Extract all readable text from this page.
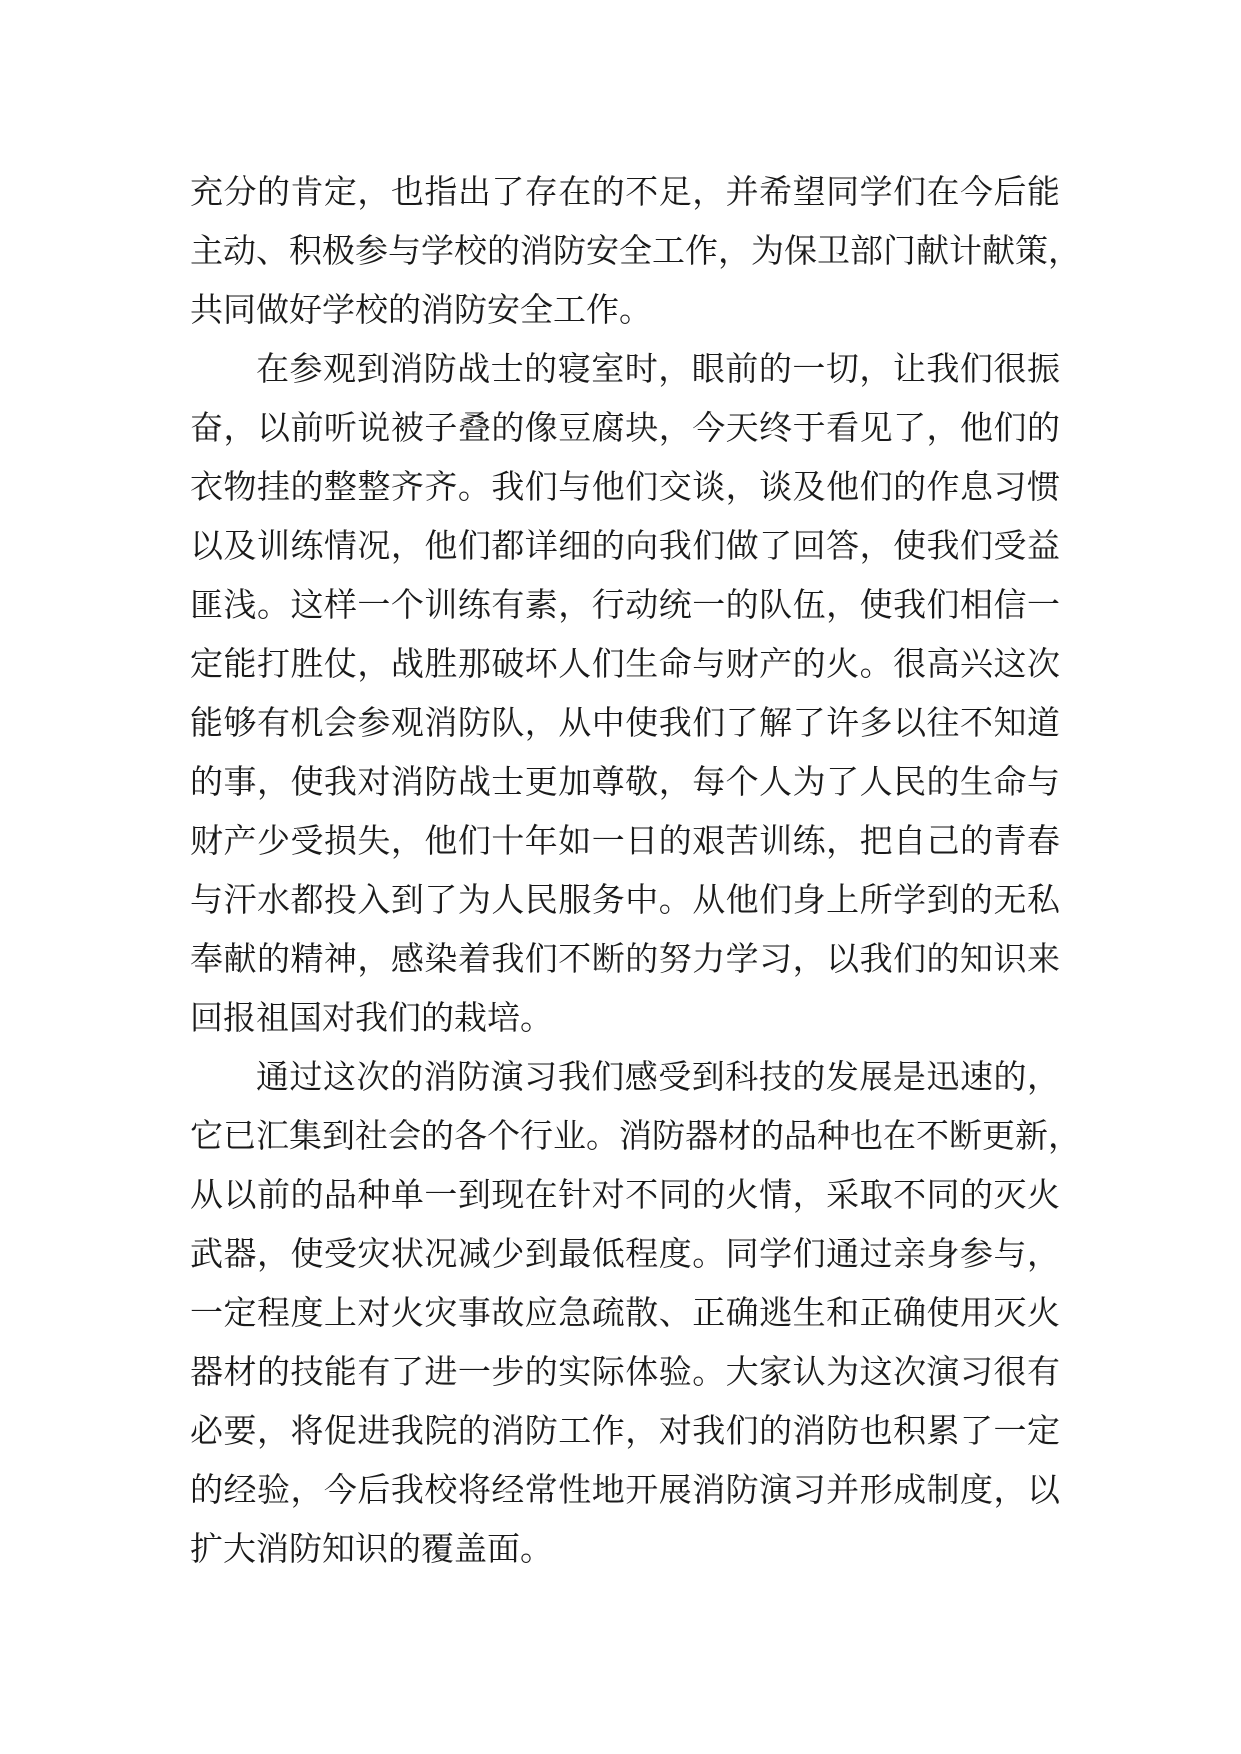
充分的肯定，也指出了存在的不足，并希望同学们在今后能
主动、积极参与学校的消防安全工作，为保卫部门献计献策，
共同做好学校的消防安全工作。
在参观到消防战士的寝室时，眼前的一切，让我们很振
奋，以前听说被子叠的像豆腐块，今天终于看见了，他们的
衣物挂的整整齐齐。我们与他们交谈，谈及他们的作息习惯
以及训练情况，他们都详细的向我们做了回答，使我们受益
匪浅。这样一个训练有素，行动统一的队伍，使我们相信一
定能打胜仗，战胜那破坏人们生命与财产的火。很高兴这次
能够有机会参观消防队，从中使我们了解了许多以往不知道
的事，使我对消防战士更加尊敬，每个人为了人民的生命与
财产少受损失，他们十年如一日的艰苦训练，把自己的青春
与汗水都投入到了为人民服务中。从他们身上所学到的无私
奉献的精神，感染着我们不断的努力学习，以我们的知识来
回报祖国对我们的栽培。
通过这次的消防演习我们感受到科技的发展是迅速的，
它已汇集到社会的各个行业。消防器材的品种也在不断更新，
从以前的品种单一到现在针对不同的火情，采取不同的灭火
武器，使受灾状况减少到最低程度。同学们通过亲身参与，
一定程度上对火灾事故应急疏散、正确逃生和正确使用灭火
器材的技能有了进一步的实际体验。大家认为这次演习很有
必要，将促进我院的消防工作，对我们的消防也积累了一定
的经验，今后我校将经常性地开展消防演习并形成制度，以
扩大消防知识的覆盖面。
